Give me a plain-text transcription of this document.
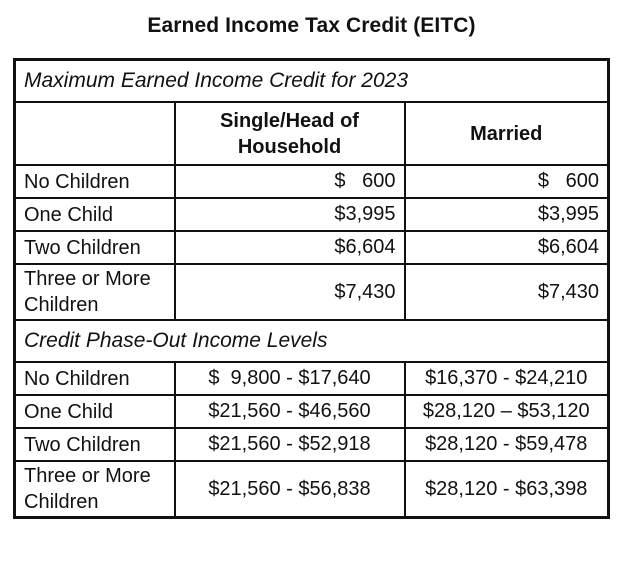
Earned Income Tax Credit (EITC)
Maximum Earned Income Credit for 2023		
	Single/Head of Household	Married
No Children	$   600	$   600
One Child	$3,995	$3,995
Two Children	$6,604	$6,604
Three or More Children	$7,430	$7,430
Credit Phase-Out Income Levels		
No Children	$  9,800 - $17,640	$16,370 - $24,210
One Child	$21,560 - $46,560	$28,120 – $53,120
Two Children	$21,560 - $52,918	$28,120 - $59,478
Three or More Children	$21,560 - $56,838	$28,120 - $63,398
